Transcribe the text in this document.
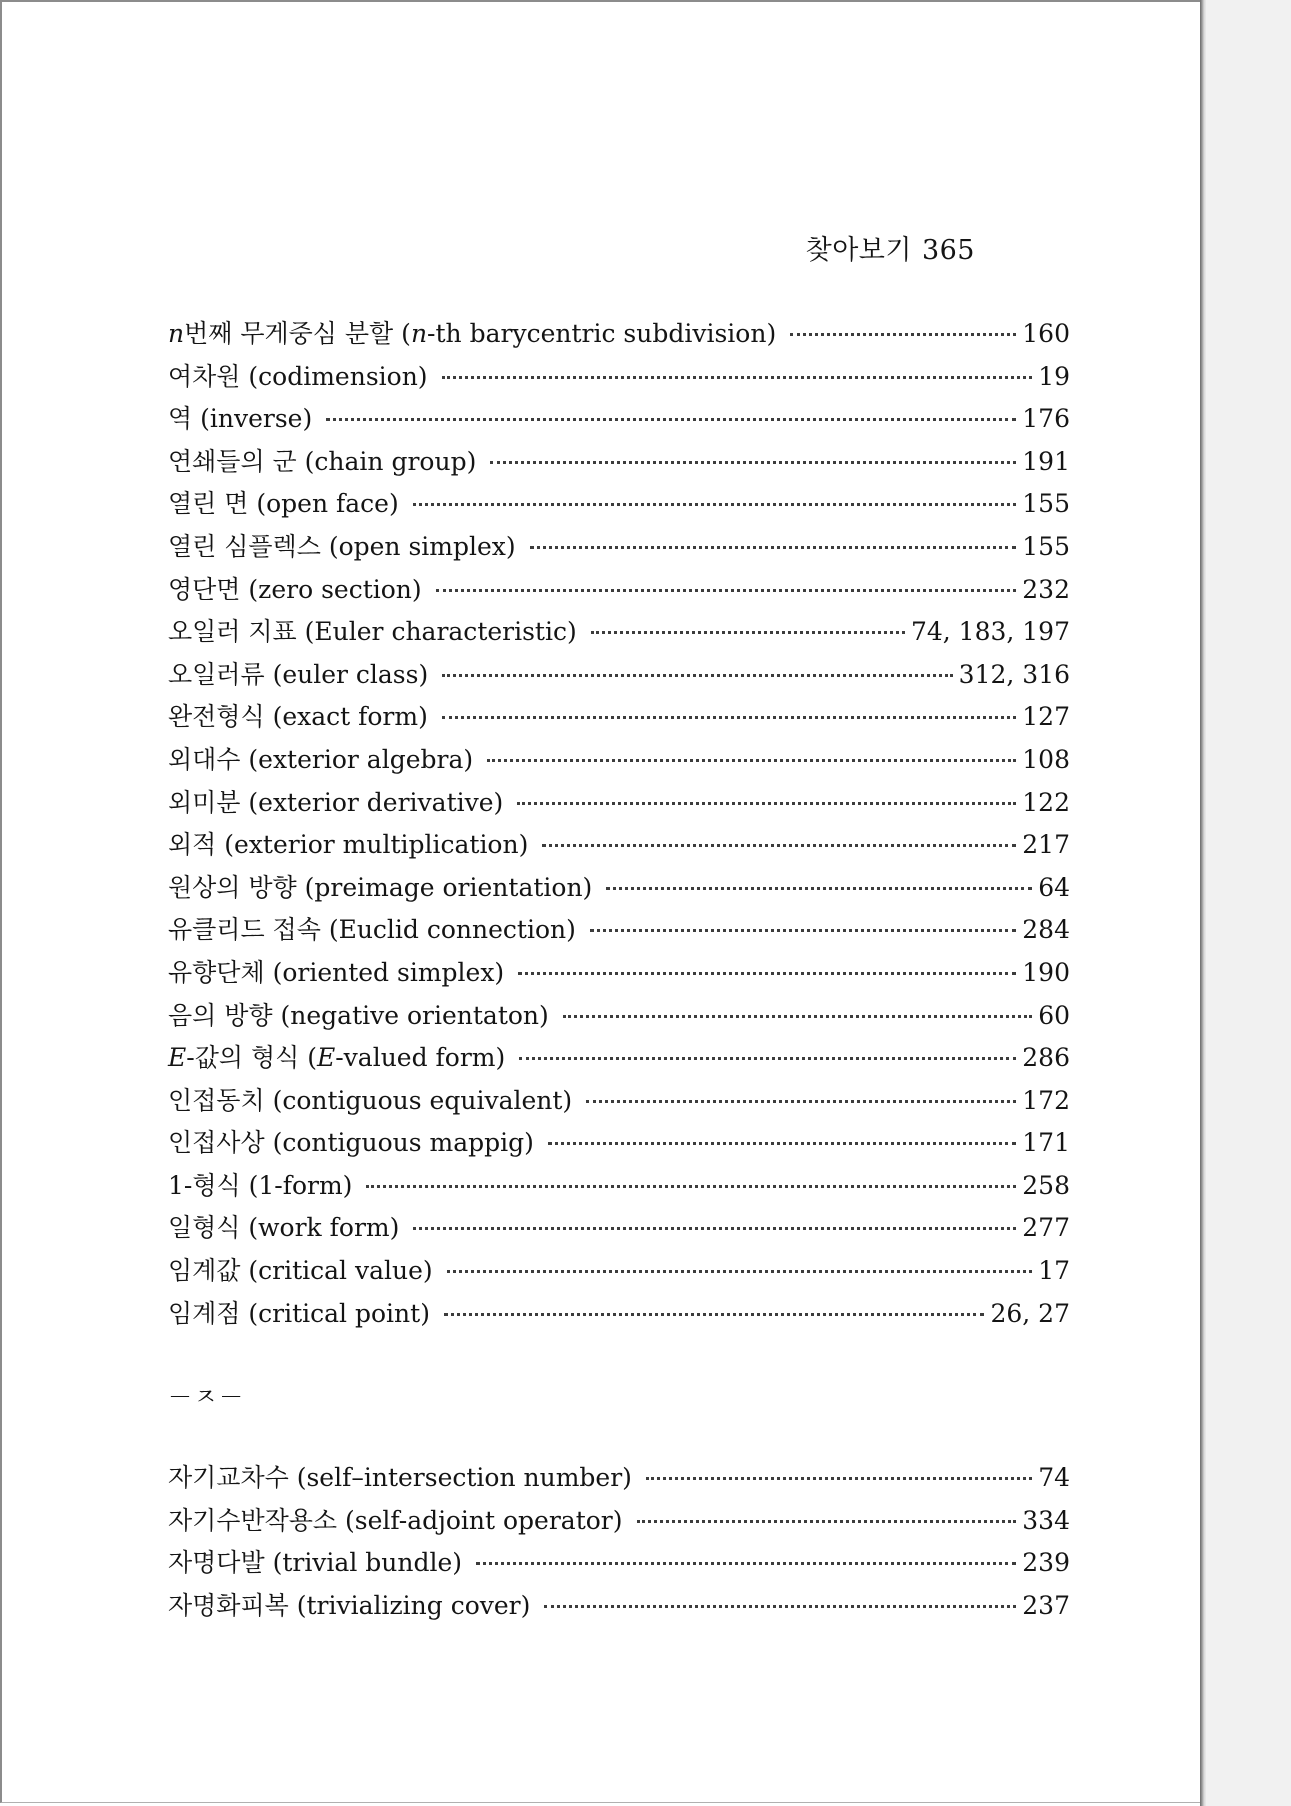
찾아보기 365
n번째 무게중심 분할 (n-th barycentric subdivision)	160
여차원 (codimension)	19
역 (inverse)	176
연쇄들의 군 (chain group)	191
열린 면 (open face)	155
열린 심플렉스 (open simplex)	155
영단면 (zero section)	232
오일러 지표 (Euler characteristic)	74, 183, 197
오일러류 (euler class)	312, 316
완전형식 (exact form)	127
외대수 (exterior algebra)	108
외미분 (exterior derivative)	122
외적 (exterior multiplication)	217
원상의 방향 (preimage orientation)	64
유클리드 접속 (Euclid connection)	284
유향단체 (oriented simplex)	190
음의 방향 (negative orientaton)	60
E-값의 형식 (E-valued form)	286
인접동치 (contiguous equivalent)	172
인접사상 (contiguous mappig)	171
1-형식 (1-form)	258
일형식 (work form)	277
임계값 (critical value)	17
임계점 (critical point)	26, 27
－ㅈ－
자기교차수 (self–intersection number)	74
자기수반작용소 (self-adjoint operator)	334
자명다발 (trivial bundle)	239
자명화피복 (trivializing cover)	237
